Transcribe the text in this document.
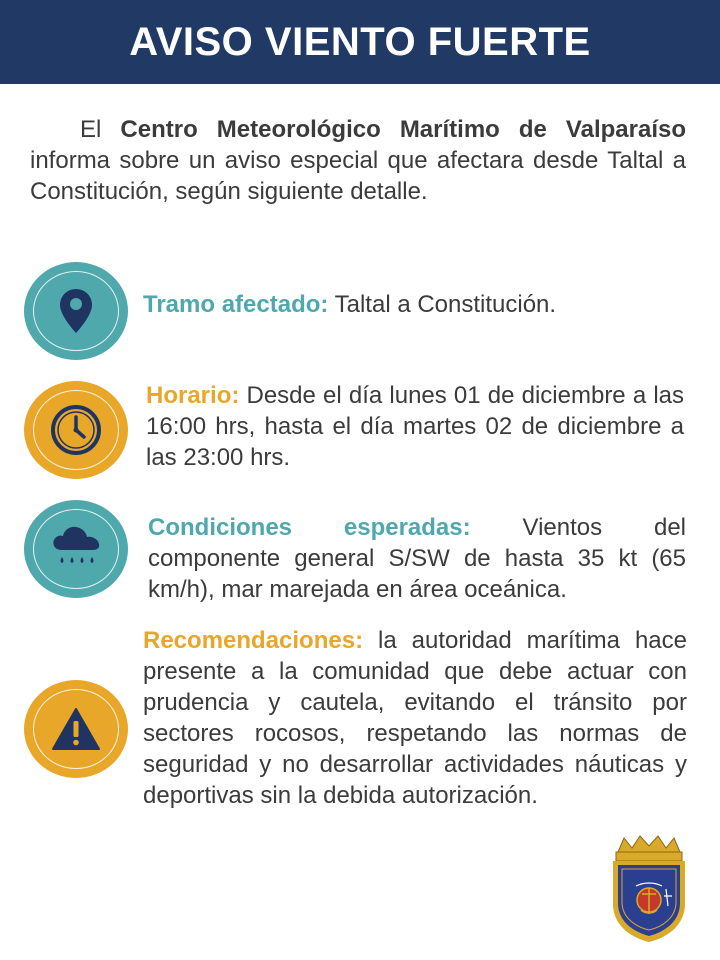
AVISO VIENTO FUERTE
El Centro Meteorológico Marítimo de Valparaíso informa sobre un aviso especial que afectara desde Taltal a Constitución, según siguiente detalle.
Tramo afectado: Taltal a Constitución.
Horario: Desde el día lunes 01 de diciembre a las 16:00 hrs, hasta el día martes 02 de diciembre a las 23:00 hrs.
Condiciones esperadas: Vientos del componente general S/SW de hasta 35 kt (65 km/h), mar marejada en área oceánica.
Recomendaciones: la autoridad marítima hace presente a la comunidad que debe actuar con prudencia y cautela, evitando el tránsito por sectores rocosos, respetando las normas de seguridad y no desarrollar actividades náuticas y deportivas sin la debida autorización.
